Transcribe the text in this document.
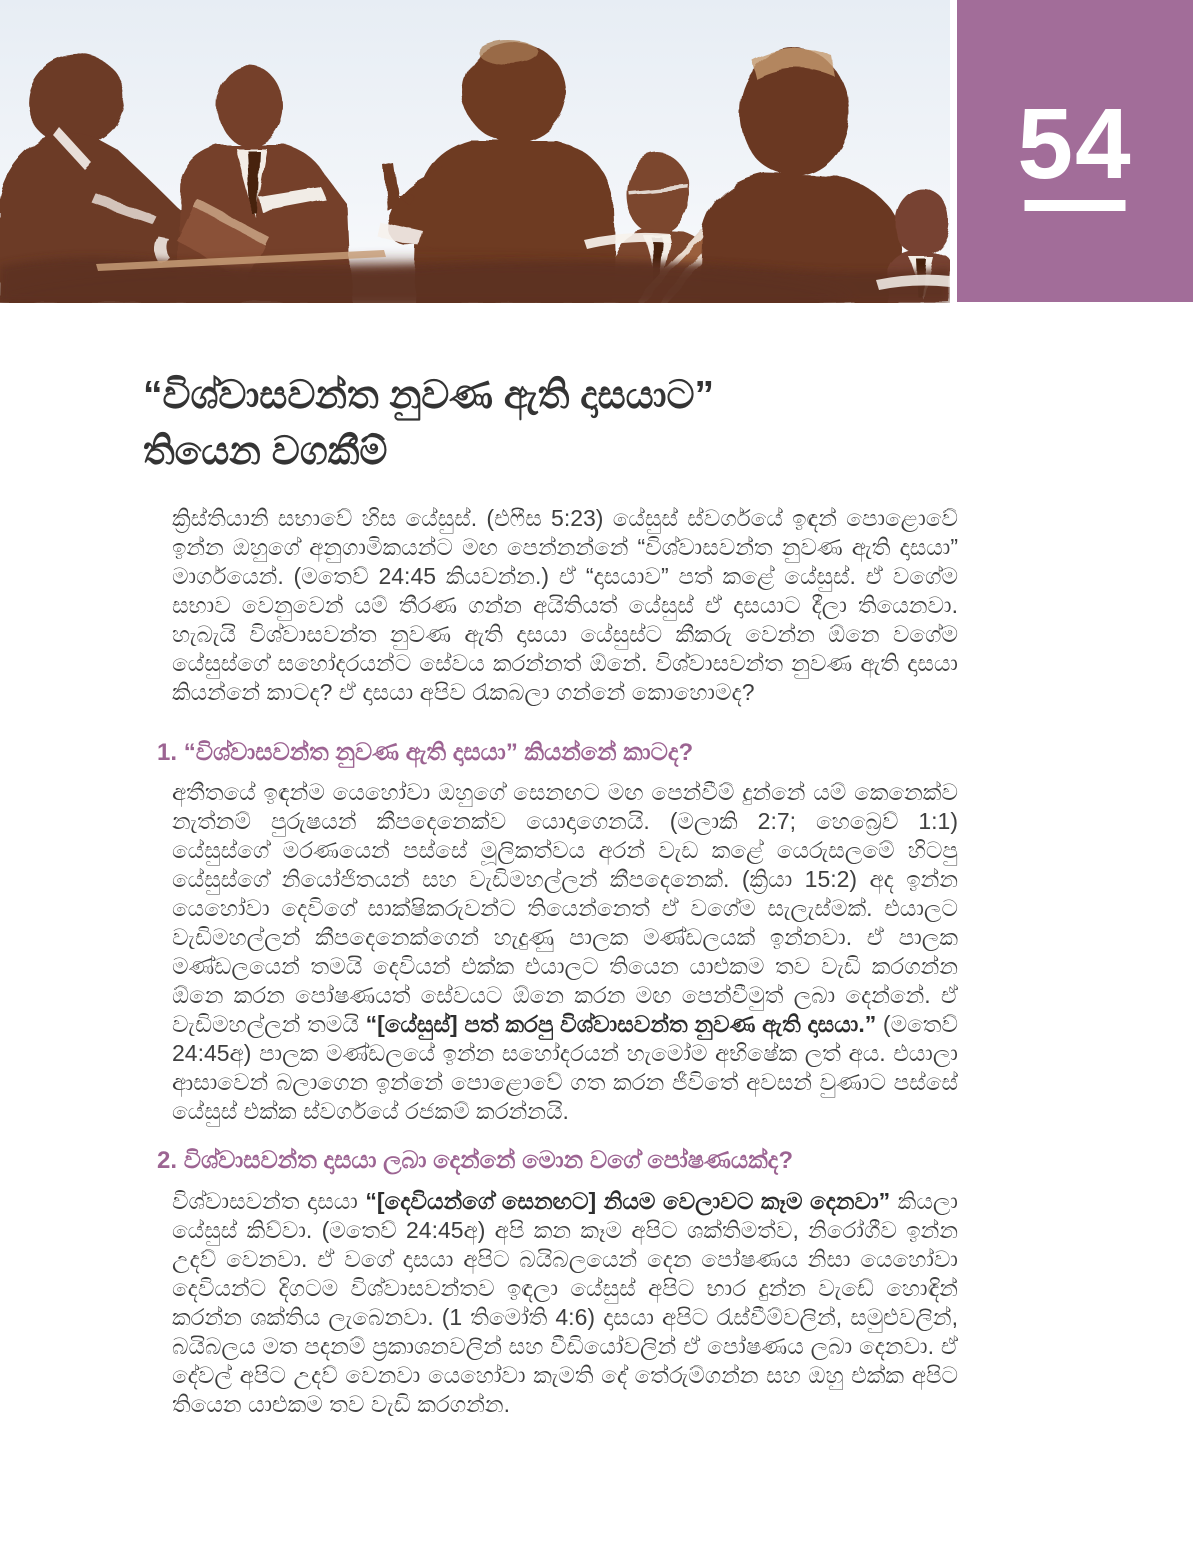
54
“විශ්වාසවන්ත නුවණ ඇති දාසයාට”
තියෙන වගකීම්

ක්‍රිස්තියානි සභාවේ හිස යේසුස්. (එෆීස 5:23) යේසුස් ස්වර්ගයේ ඉඳන් පොළොවේ ඉන්න ඔහුගේ අනුගාමිකයන්ට මඟ පෙන්නන්නේ “විශ්වාසවන්ත නුවණ ඇති දාසයා” මාර්ගයෙන්. (මතෙව් 24:45 කියවන්න.) ඒ “දාසයාව” පත් කළේ යේසුස්. ඒ වගේම සභාව වෙනුවෙන් යම් තීරණ ගන්න අයිතියත් යේසුස් ඒ දාසයාට දීලා තියෙනවා. හැබැයි විශ්වාසවන්ත නුවණ ඇති දාසයා යේසුස්ට කීකරු වෙන්න ඕනෙ වගේම යේසුස්ගේ සහෝදරයන්ට සේවය කරන්නත් ඕනේ. විශ්වාසවන්ත නුවණ ඇති දාසයා කියන්නේ කාටද? ඒ දාසයා අපිව රැකබලා ගන්නේ කොහොමද?

1. “විශ්වාසවන්ත නුවණ ඇති දාසයා” කියන්නේ කාටද?

අතීතයේ ඉඳන්ම යෙහෝවා ඔහුගේ සෙනඟට මඟ පෙන්වීම් දුන්නේ යම් කෙනෙක්ව නැත්නම් පුරුෂයන් කීපදෙනෙක්ව යොදාගෙනයි. (මලාකි 2:7; හෙබ්‍රෙව් 1:1) යේසුස්ගේ මරණයෙන් පස්සේ මූලිකත්වය අරන් වැඩ කළේ යෙරුසලමේ හිටපු යේසුස්ගේ නියෝජිතයන් සහ වැඩිමහල්ලන් කීපදෙනෙක්. (ක්‍රියා 15:2) අද ඉන්න යෙහෝවා දෙවිගේ සාක්ෂිකරුවන්ට තියෙන්නෙත් ඒ වගේම සැලැස්මක්. එයාලට වැඩිමහල්ලන් කීපදෙනෙක්ගෙන් හැදුණු පාලක මණ්ඩලයක් ඉන්නවා. ඒ පාලක මණ්ඩලයෙන් තමයි දෙවියන් එක්ක එයාලට තියෙන යාළුකම තව වැඩි කරගන්න ඕනෙ කරන පෝෂණයත් සේවයට ඕනෙ කරන මඟ පෙන්වීමුත් ලබා දෙන්නේ. ඒ වැඩිමහල්ලන් තමයි “[යේසුස්] පත් කරපු විශ්වාසවන්ත නුවණ ඇති දාසයා.” (මතෙව් 24:45අ) පාලක මණ්ඩලයේ ඉන්න සහෝදරයන් හැමෝම අභිෂේක ලත් අය. එයාලා ආසාවෙන් බලාගෙන ඉන්නේ පොළොවේ ගත කරන ජීවිතේ අවසන් වුණාට පස්සේ යේසුස් එක්ක ස්වර්ගයේ රජකම් කරන්නයි.

2. විශ්වාසවන්ත දාසයා ලබා දෙන්නේ මොන වගේ පෝෂණයක්ද?

විශ්වාසවන්ත දාසයා “[දෙවියන්ගේ සෙනඟට] නියම වෙලාවට කෑම දෙනවා” කියලා යේසුස් කිව්වා. (මතෙව් 24:45අ) අපි කන කෑම අපිට ශක්තිමත්ව, නිරෝගීව ඉන්න උදව් වෙනවා. ඒ වගේ දාසයා අපිට බයිබලයෙන් දෙන පෝෂණය නිසා යෙහෝවා දෙවියන්ට දිගටම විශ්වාසවන්තව ඉඳලා යේසුස් අපිට භාර දුන්න වැඩේ හොඳින් කරන්න ශක්තිය ලැබෙනවා. (1 තිමෝති 4:6) දාසයා අපිට රැස්වීම්වලින්, සමුළුවලින්, බයිබලය මත පදනම් ප්‍රකාශනවලින් සහ වීඩියෝවලින් ඒ පෝෂණය ලබා දෙනවා. ඒ දේවල් අපිට උදව් වෙනවා යෙහෝවා කැමති දේ තේරුම්ගන්න සහ ඔහු එක්ක අපිට තියෙන යාළුකම තව වැඩි කරගන්න.
